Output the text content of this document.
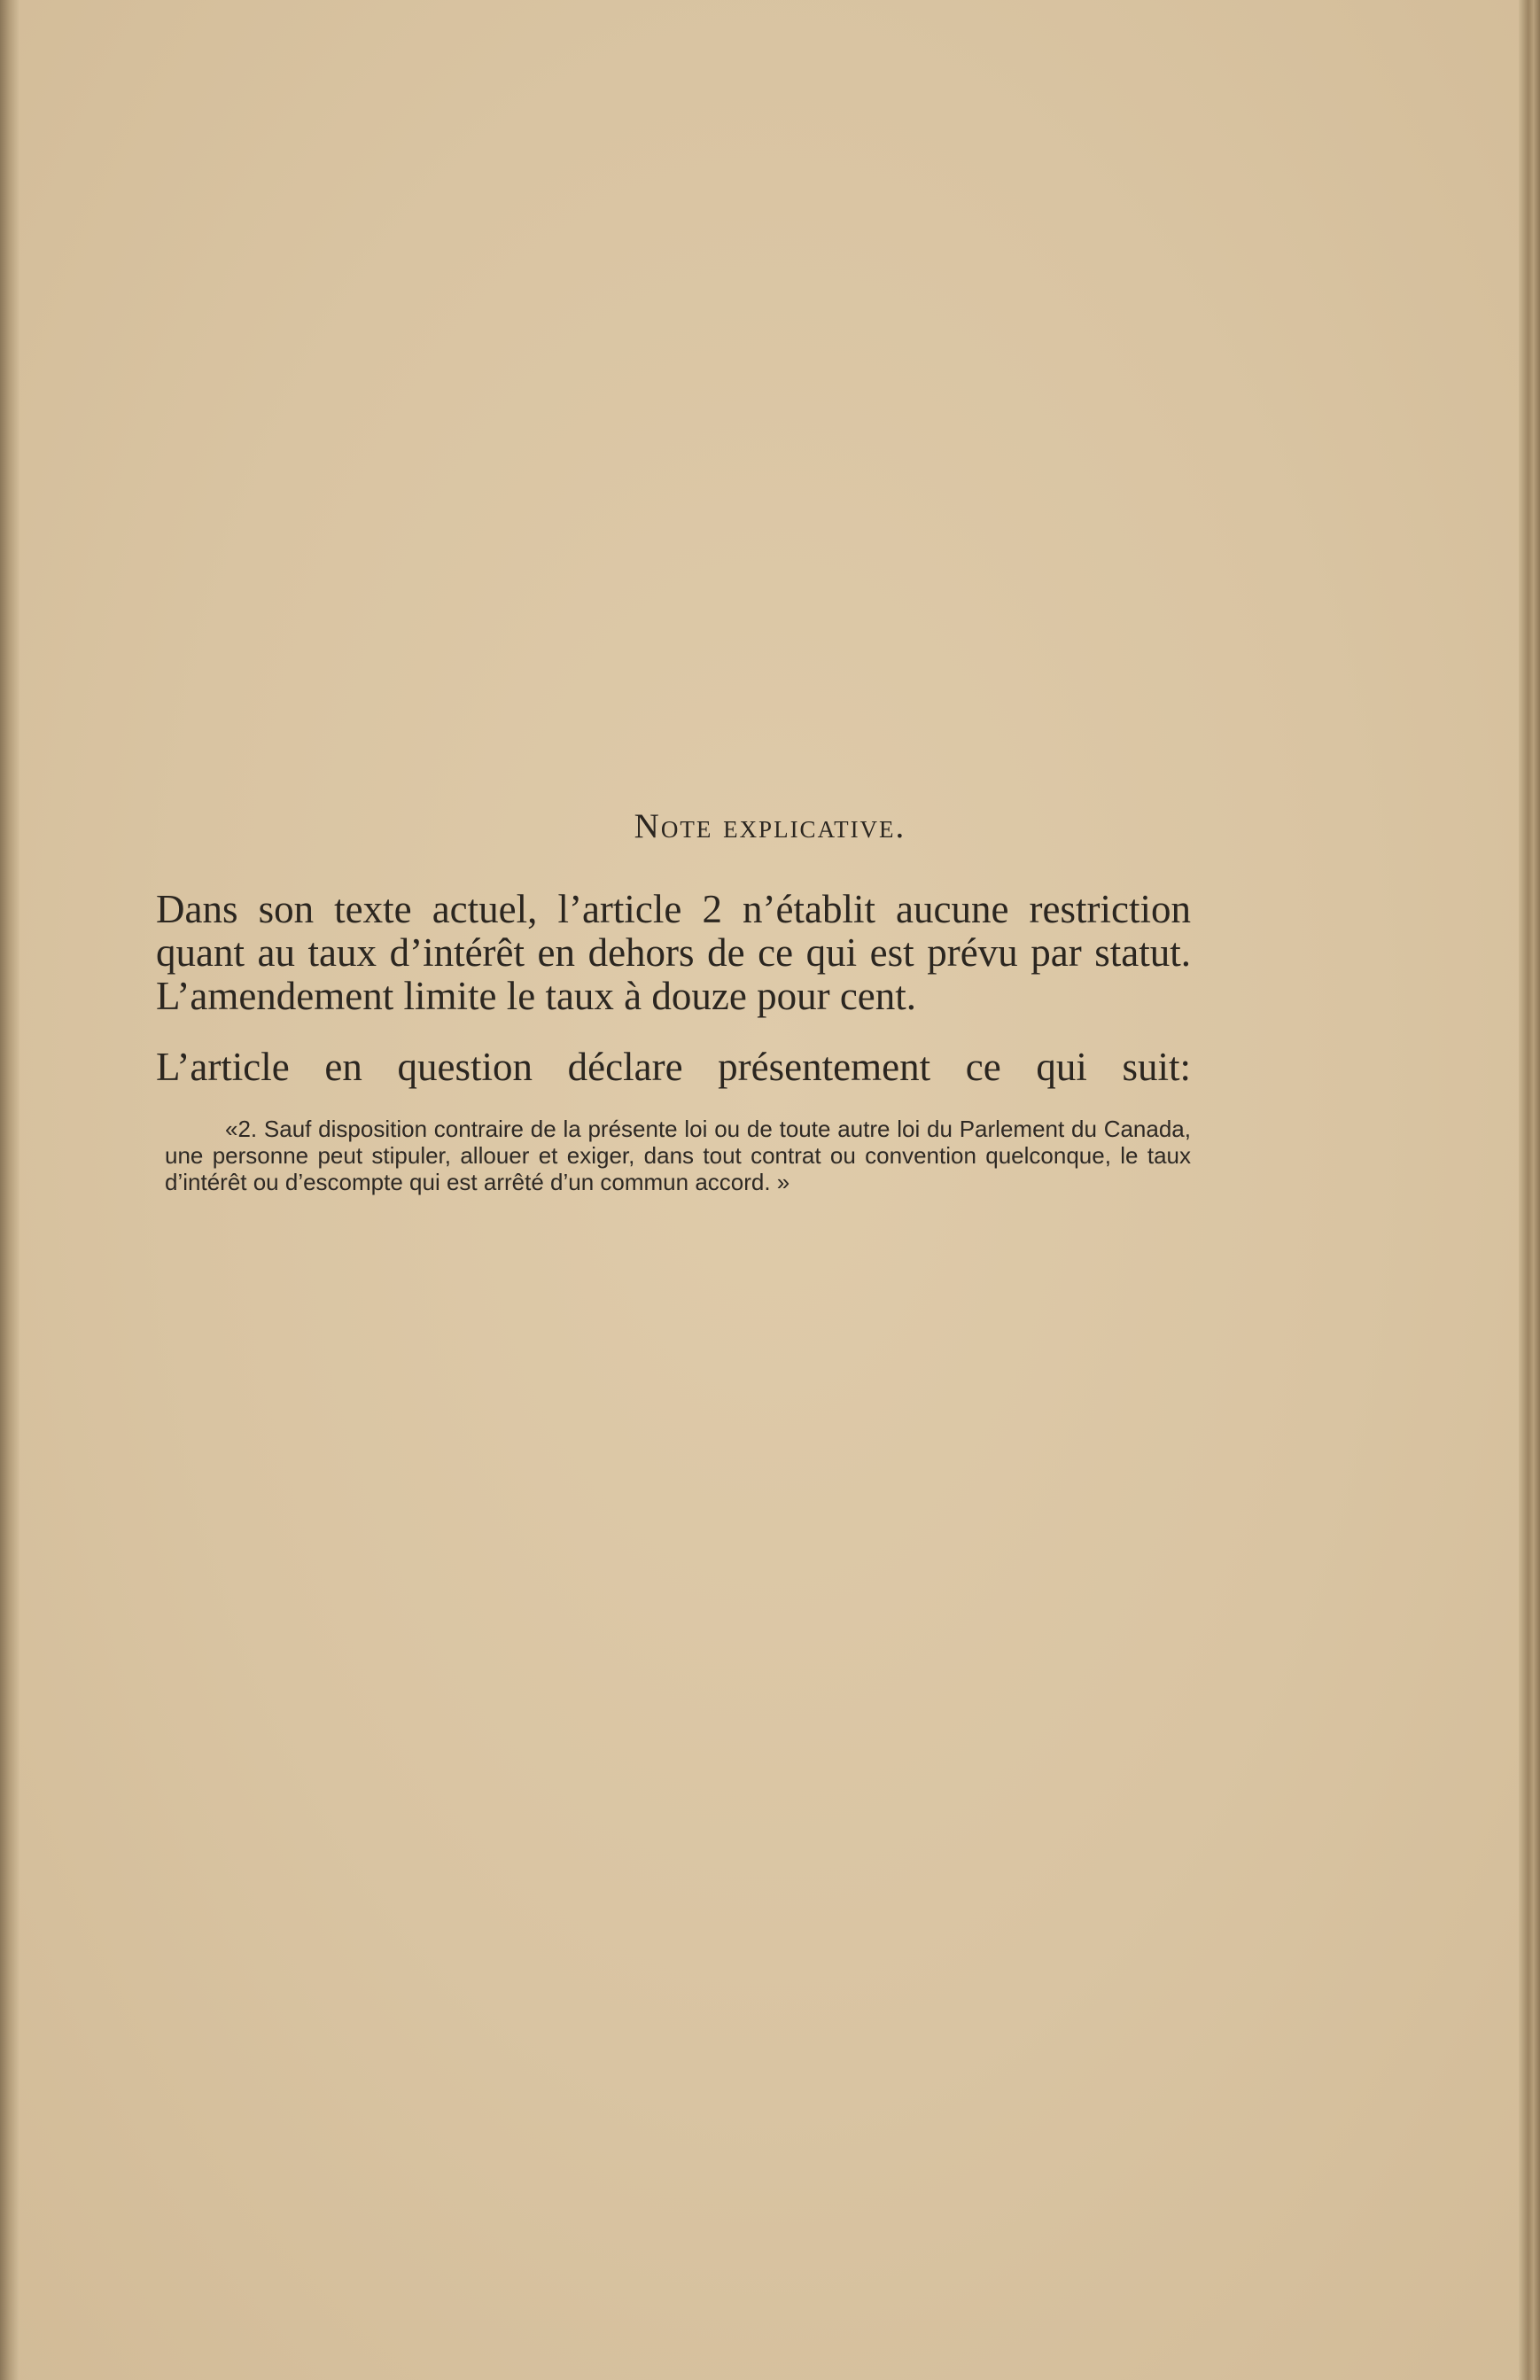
Note explicative.

Dans son texte actuel, l’article 2 n’établit aucune restriction quant au taux d’intérêt en dehors de ce qui est prévu par statut. L’amendement limite le taux à douze pour cent.

L’article en question déclare présentement ce qui suit:

«2. Sauf disposition contraire de la présente loi ou de toute autre loi du Parlement du Canada, une personne peut stipuler, allouer et exiger, dans tout contrat ou convention quelconque, le taux d’intérêt ou d’escompte qui est arrêté d’un commun accord. »
